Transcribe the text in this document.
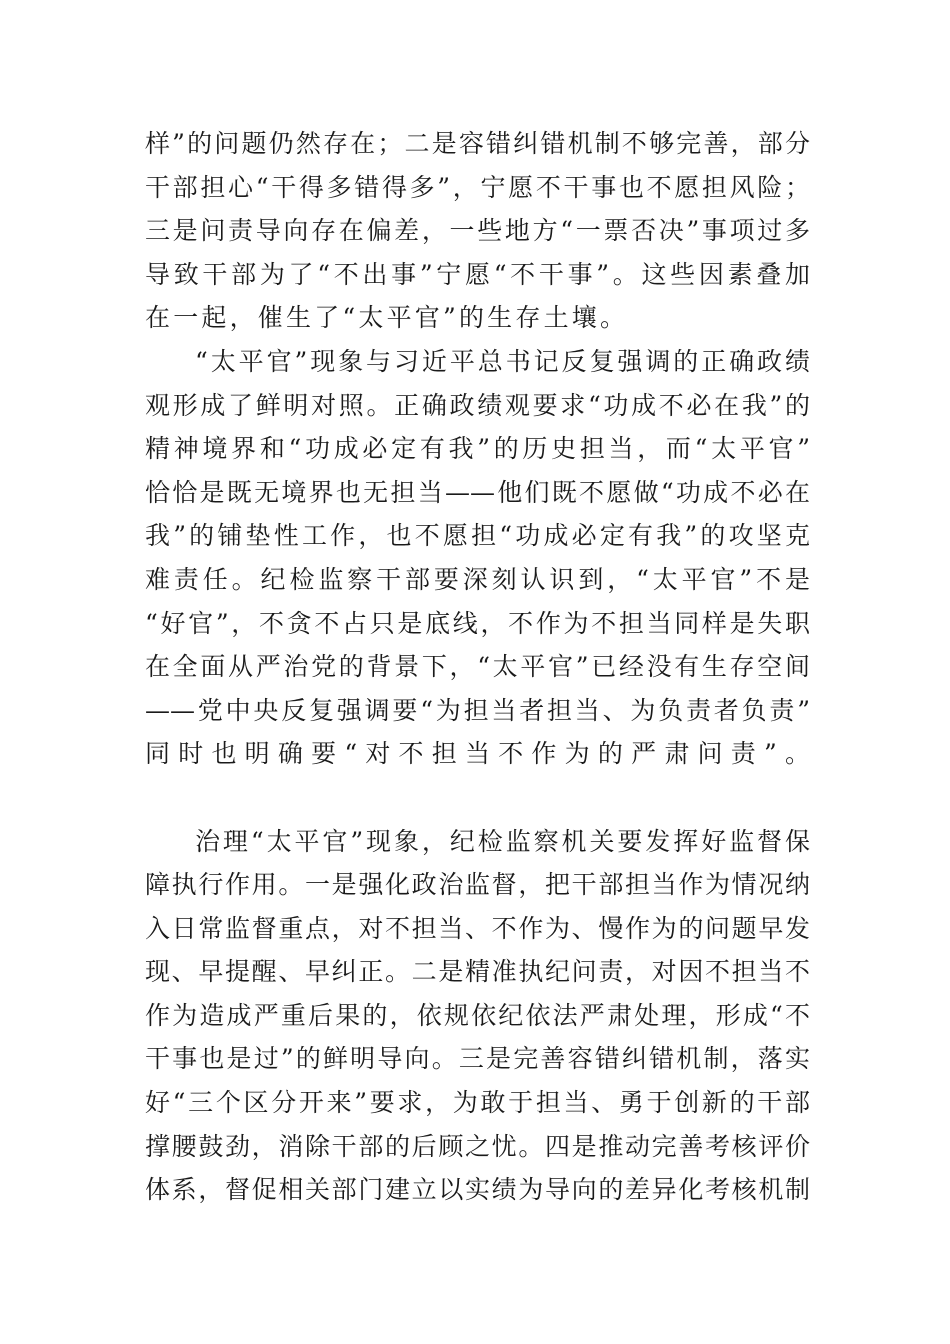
样”的问题仍然存在；二是容错纠错机制不够完善，部分
干部担心“干得多错得多”，宁愿不干事也不愿担风险；
三是问责导向存在偏差，一些地方“一票否决”事项过多
导致干部为了“不出事”宁愿“不干事”。这些因素叠加
在一起，催生了“太平官”的生存土壤。
“太平官”现象与习近平总书记反复强调的正确政绩
观形成了鲜明对照。正确政绩观要求“功成不必在我”的
精神境界和“功成必定有我”的历史担当，而“太平官”
恰恰是既无境界也无担当——他们既不愿做“功成不必在
我”的铺垫性工作，也不愿担“功成必定有我”的攻坚克
难责任。纪检监察干部要深刻认识到，“太平官”不是
“好官”，不贪不占只是底线，不作为不担当同样是失职
在全面从严治党的背景下，“太平官”已经没有生存空间
——党中央反复强调要“为担当者担当、为负责者负责”
同时也明确要“对不担当不作为的严肃问责”。
治理“太平官”现象，纪检监察机关要发挥好监督保
障执行作用。一是强化政治监督，把干部担当作为情况纳
入日常监督重点，对不担当、不作为、慢作为的问题早发
现、早提醒、早纠正。二是精准执纪问责，对因不担当不
作为造成严重后果的，依规依纪依法严肃处理，形成“不
干事也是过”的鲜明导向。三是完善容错纠错机制，落实
好“三个区分开来”要求，为敢于担当、勇于创新的干部
撑腰鼓劲，消除干部的后顾之忧。四是推动完善考核评价
体系，督促相关部门建立以实绩为导向的差异化考核机制
